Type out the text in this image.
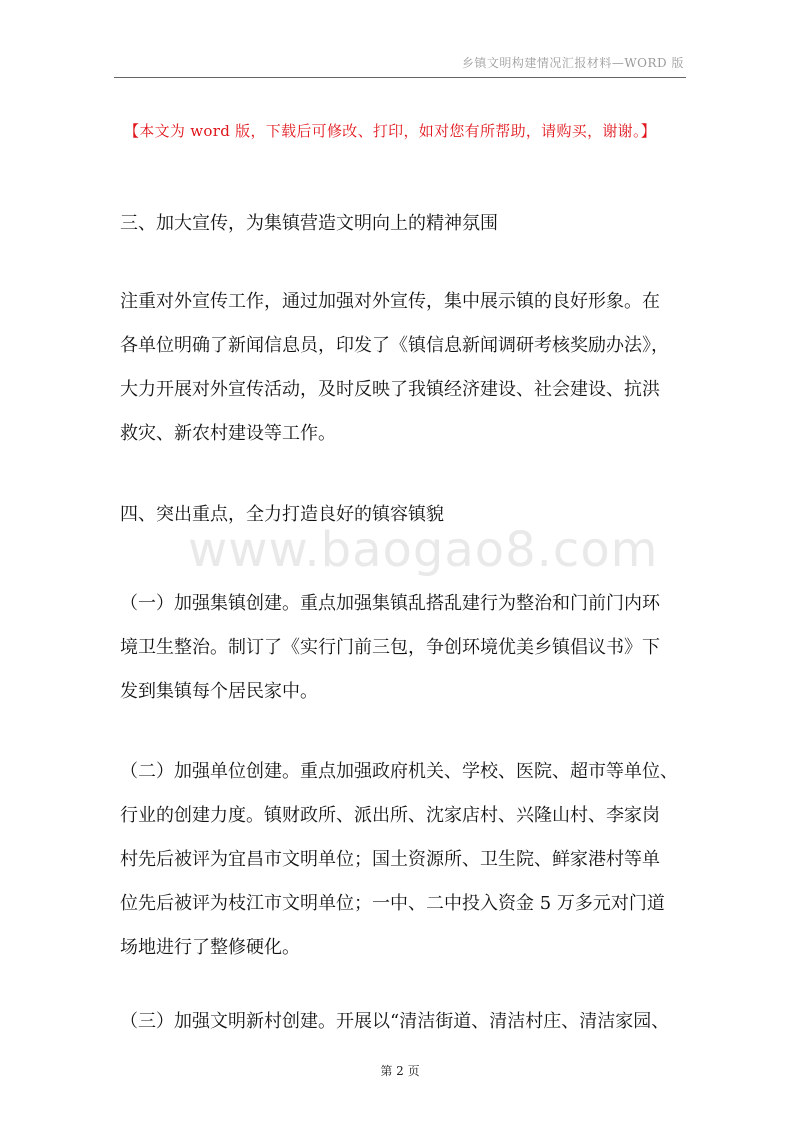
乡镇文明构建情况汇报材料—WORD 版
【本文为 word 版，下载后可修改、打印，如对您有所帮助，请购买，谢谢。】
www.baogao8.com

三、加大宣传，为集镇营造文明向上的精神氛围

注重对外宣传工作，通过加强对外宣传，集中展示镇的良好形象。在
各单位明确了新闻信息员，印发了《镇信息新闻调研考核奖励办法》，
大力开展对外宣传活动，及时反映了我镇经济建设、社会建设、抗洪
救灾、新农村建设等工作。

四、突出重点，全力打造良好的镇容镇貌

（一）加强集镇创建。重点加强集镇乱搭乱建行为整治和门前门内环
境卫生整治。制订了《实行门前三包，争创环境优美乡镇倡议书》下
发到集镇每个居民家中。

（二）加强单位创建。重点加强政府机关、学校、医院、超市等单位、
行业的创建力度。镇财政所、派出所、沈家店村、兴隆山村、李家岗
村先后被评为宜昌市文明单位；国土资源所、卫生院、鲜家港村等单
位先后被评为枝江市文明单位；一中、二中投入资金 5 万多元对门道
场地进行了整修硬化。

（三）加强文明新村创建。开展以“清洁街道、清洁村庄、清洁家园、

第 2 页
